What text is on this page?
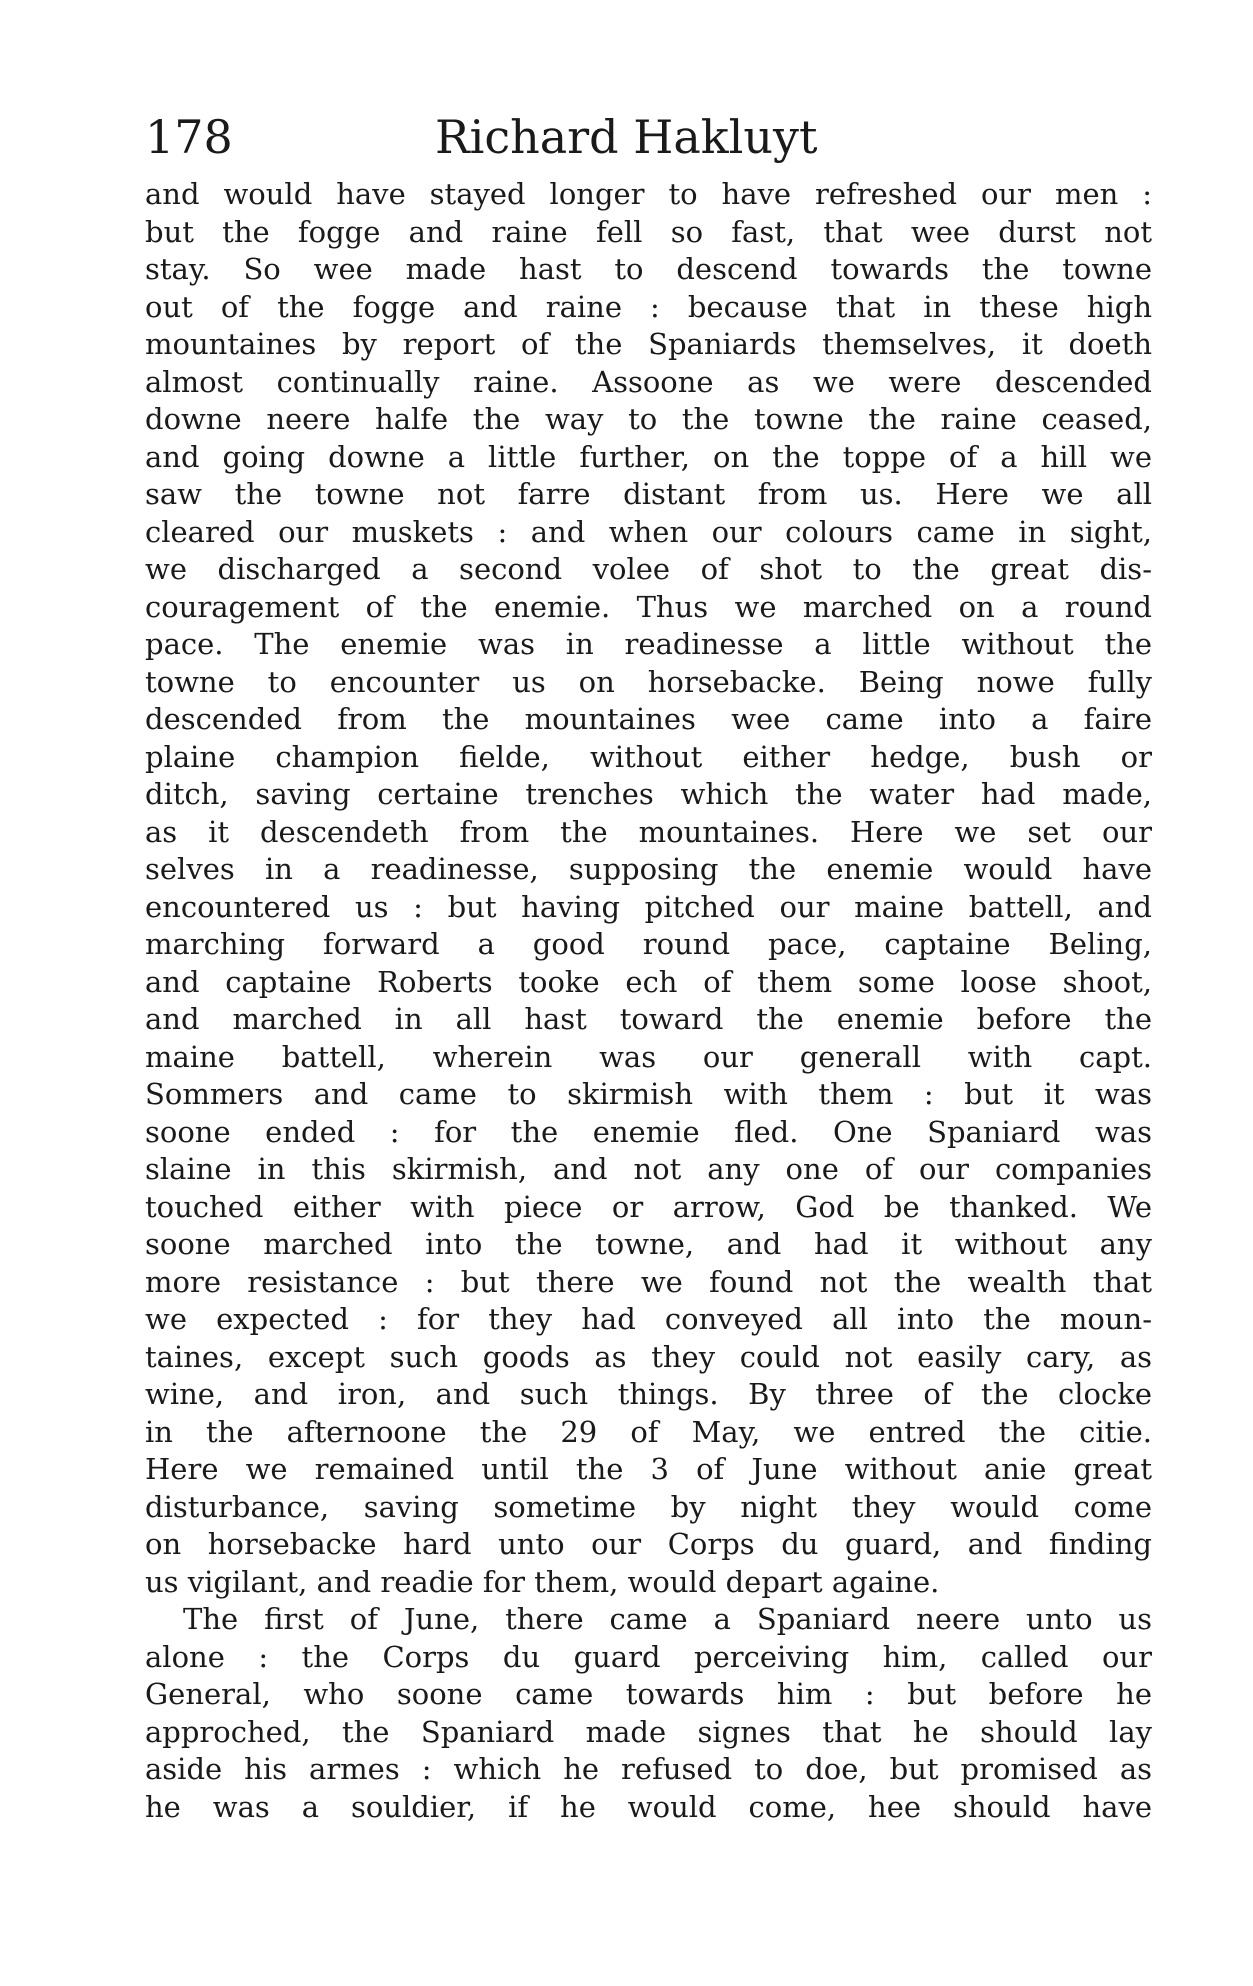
178	Richard Hakluyt
and would have stayed longer to have refreshed our men :
but the fogge and raine fell so fast, that wee durst not
stay. So wee made hast to descend towards the towne
out of the fogge and raine : because that in these high
mountaines by report of the Spaniards themselves, it doeth
almost continually raine. Assoone as we were descended
downe neere halfe the way to the towne the raine ceased,
and going downe a little further, on the toppe of a hill we
saw the towne not farre distant from us. Here we all
cleared our muskets : and when our colours came in sight,
we discharged a second volee of shot to the great dis-
couragement of the enemie. Thus we marched on a round
pace. The enemie was in readinesse a little without the
towne to encounter us on horsebacke. Being nowe fully
descended from the mountaines wee came into a faire
plaine champion fielde, without either hedge, bush or
ditch, saving certaine trenches which the water had made,
as it descendeth from the mountaines. Here we set our
selves in a readinesse, supposing the enemie would have
encountered us : but having pitched our maine battell, and
marching forward a good round pace, captaine Beling,
and captaine Roberts tooke ech of them some loose shoot,
and marched in all hast toward the enemie before the
maine battell, wherein was our generall with capt.
Sommers and came to skirmish with them : but it was
soone ended : for the enemie fled. One Spaniard was
slaine in this skirmish, and not any one of our companies
touched either with piece or arrow, God be thanked. We
soone marched into the towne, and had it without any
more resistance : but there we found not the wealth that
we expected : for they had conveyed all into the moun-
taines, except such goods as they could not easily cary, as
wine, and iron, and such things. By three of the clocke
in the afternoone the 29 of May, we entred the citie.
Here we remained until the 3 of June without anie great
disturbance, saving sometime by night they would come
on horsebacke hard unto our Corps du guard, and finding
us vigilant, and readie for them, would depart againe.
The first of June, there came a Spaniard neere unto us
alone : the Corps du guard perceiving him, called our
General, who soone came towards him : but before he
approched, the Spaniard made signes that he should lay
aside his armes : which he refused to doe, but promised as
he was a souldier, if he would come, hee should have
